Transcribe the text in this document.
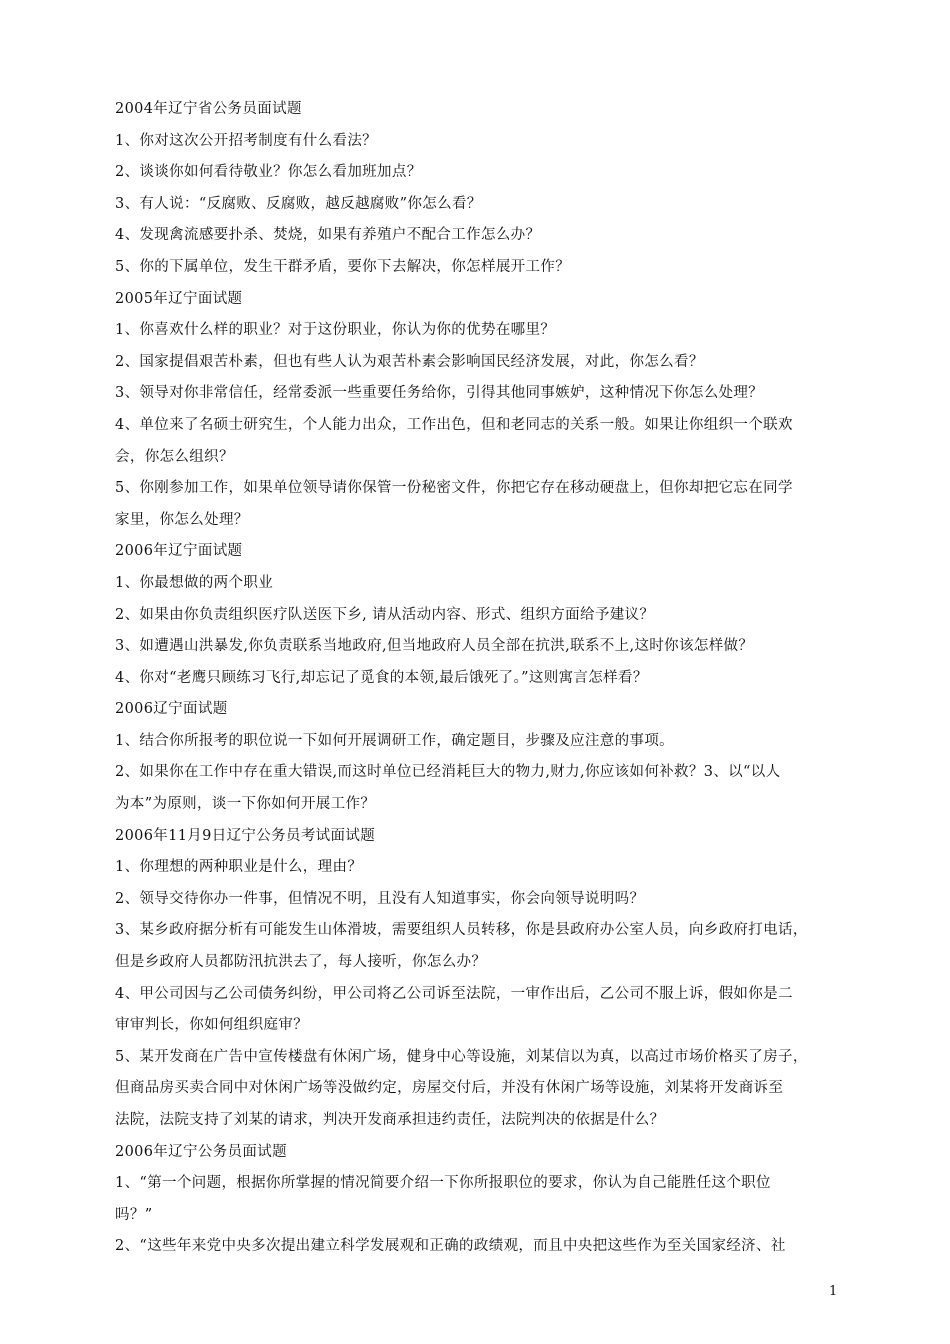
2004年辽宁省公务员面试题
1、你对这次公开招考制度有什么看法？
2、谈谈你如何看待敬业？你怎么看加班加点？
3、有人说：“反腐败、反腐败，越反越腐败”你怎么看？
4、发现禽流感要扑杀、焚烧，如果有养殖户不配合工作怎么办？
5、你的下属单位，发生干群矛盾，要你下去解决，你怎样展开工作？
2005年辽宁面试题
1、你喜欢什么样的职业？对于这份职业，你认为你的优势在哪里？
2、国家提倡艰苦朴素，但也有些人认为艰苦朴素会影响国民经济发展，对此，你怎么看？
3、领导对你非常信任，经常委派一些重要任务给你，引得其他同事嫉妒，这种情况下你怎么处理？
4、单位来了名硕士研究生，个人能力出众，工作出色，但和老同志的关系一般。如果让你组织一个联欢
会，你怎么组织？
5、你刚参加工作，如果单位领导请你保管一份秘密文件，你把它存在移动硬盘上，但你却把它忘在同学
家里，你怎么处理？
2006年辽宁面试题
1、你最想做的两个职业
2、如果由你负责组织医疗队送医下乡, 请从活动内容、形式、组织方面给予建议？
3、如遭遇山洪暴发,你负责联系当地政府,但当地政府人员全部在抗洪,联系不上,这时你该怎样做？
4、你对“老鹰只顾练习飞行,却忘记了觅食的本领,最后饿死了。”这则寓言怎样看？
2006辽宁面试题
1、结合你所报考的职位说一下如何开展调研工作，确定题目，步骤及应注意的事项。
2、如果你在工作中存在重大错误,而这时单位已经消耗巨大的物力,财力,你应该如何补救？3、以“以人
为本”为原则，谈一下你如何开展工作？
2006年11月9日辽宁公务员考试面试题
1、你理想的两种职业是什么，理由？
2、领导交待你办一件事，但情况不明，且没有人知道事实，你会向领导说明吗？
3、某乡政府据分析有可能发生山体滑坡，需要组织人员转移，你是县政府办公室人员，向乡政府打电话，
但是乡政府人员都防汛抗洪去了，每人接听，你怎么办？
4、甲公司因与乙公司债务纠纷，甲公司将乙公司诉至法院，一审作出后，乙公司不服上诉，假如你是二
审审判长，你如何组织庭审？
5、某开发商在广告中宣传楼盘有休闲广场，健身中心等设施，刘某信以为真，以高过市场价格买了房子，
但商品房买卖合同中对休闲广场等没做约定，房屋交付后，并没有休闲广场等设施，刘某将开发商诉至
法院，法院支持了刘某的请求，判决开发商承担违约责任，法院判决的依据是什么？
2006年辽宁公务员面试题
1、“第一个问题，根据你所掌握的情况简要介绍一下你所报职位的要求，你认为自己能胜任这个职位
吗？”
2、“这些年来党中央多次提出建立科学发展观和正确的政绩观，而且中央把这些作为至关国家经济、社
1
